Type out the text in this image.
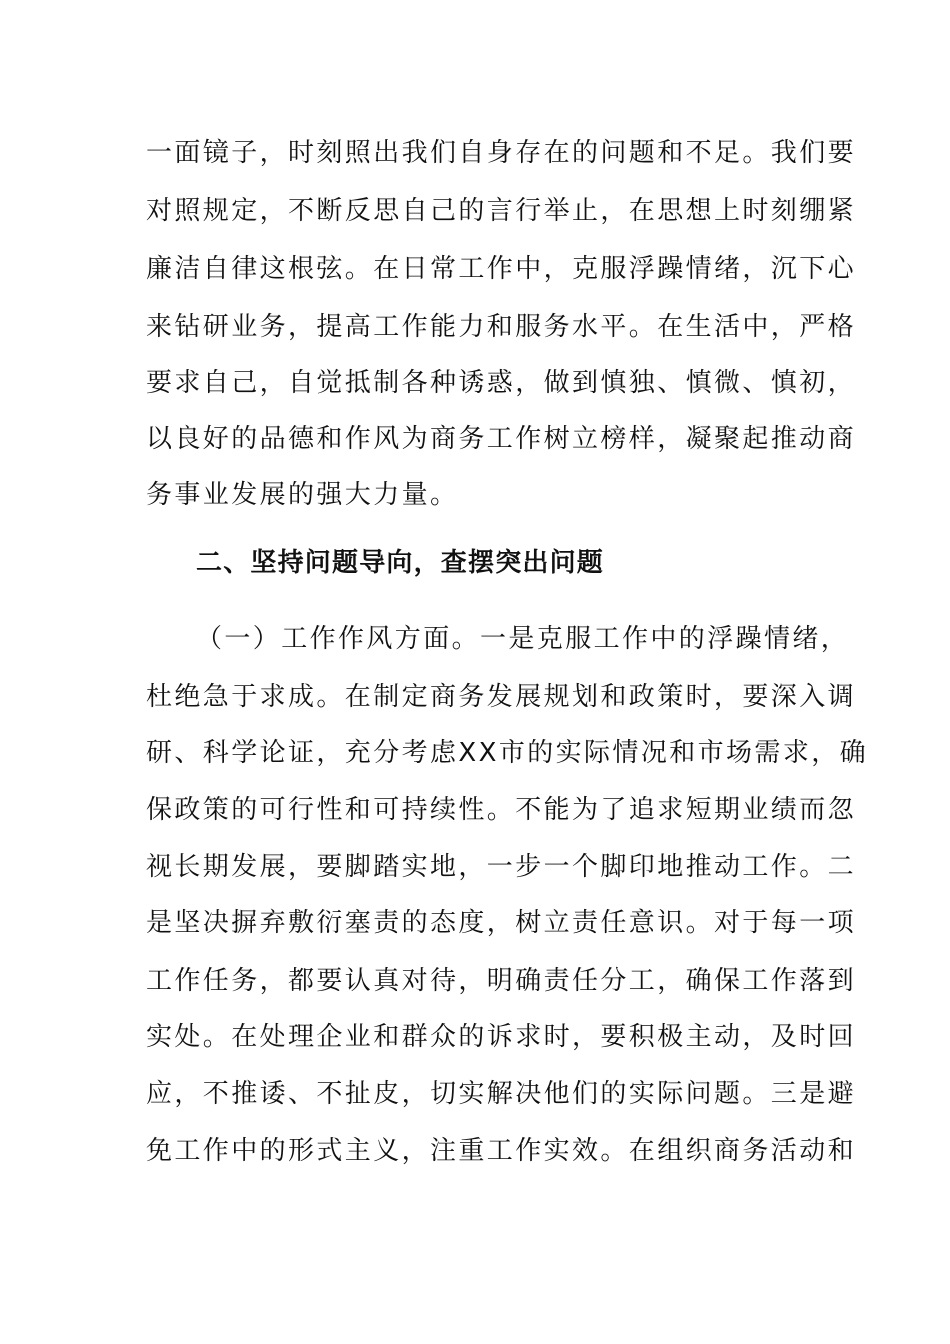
一面镜子，时刻照出我们自身存在的问题和不足。我们要
对照规定，不断反思自己的言行举止，在思想上时刻绷紧
廉洁自律这根弦。在日常工作中，克服浮躁情绪，沉下心
来钻研业务，提高工作能力和服务水平。在生活中，严格
要求自己，自觉抵制各种诱惑，做到慎独、慎微、慎初，
以良好的品德和作风为商务工作树立榜样，凝聚起推动商
务事业发展的强大力量。
二、坚持问题导向，查摆突出问题
（一）工作作风方面。一是克服工作中的浮躁情绪，
杜绝急于求成。在制定商务发展规划和政策时，要深入调
研、科学论证，充分考虑XX市的实际情况和市场需求，确
保政策的可行性和可持续性。不能为了追求短期业绩而忽
视长期发展，要脚踏实地，一步一个脚印地推动工作。二
是坚决摒弃敷衍塞责的态度，树立责任意识。对于每一项
工作任务，都要认真对待，明确责任分工，确保工作落到
实处。在处理企业和群众的诉求时，要积极主动，及时回
应，不推诿、不扯皮，切实解决他们的实际问题。三是避
免工作中的形式主义，注重工作实效。在组织商务活动和
